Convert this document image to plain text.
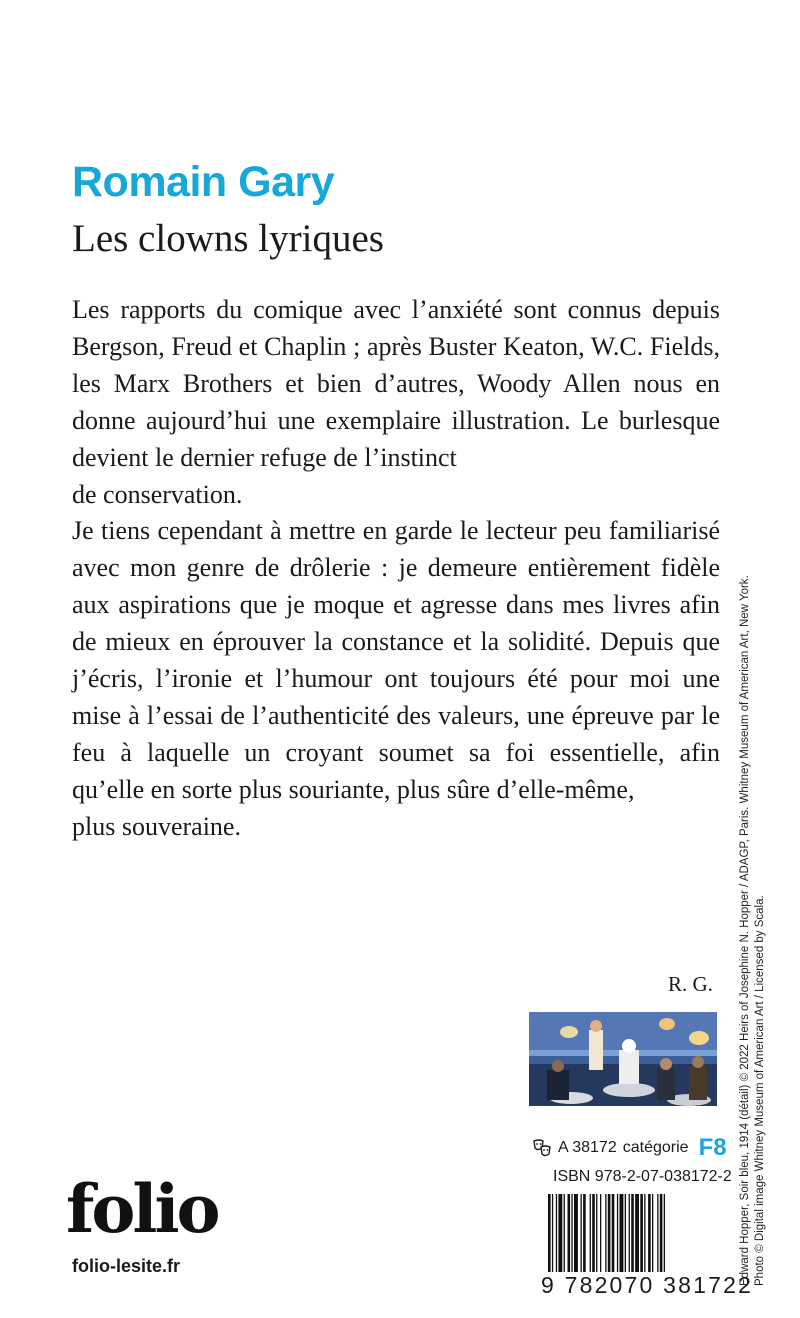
Romain Gary
Les clowns lyriques

Les rapports du comique avec l’anxiété sont connus depuis Bergson, Freud et Chaplin ; après Buster Keaton, W.C. Fields, les Marx Brothers et bien d’autres, Woody Allen nous en donne aujourd’hui une exemplaire illustration. Le burlesque devient le dernier refuge de l’instinct
de conservation.

Je tiens cependant à mettre en garde le lecteur peu familiarisé avec mon genre de drôlerie : je demeure entièrement fidèle aux aspirations que je moque et agresse dans mes livres afin de mieux en éprouver la constance et la solidité. Depuis que j’écris, l’ironie et l’humour ont toujours été pour moi une mise à l’essai de l’authenticité des valeurs, une épreuve par le feu à laquelle un croyant soumet sa foi essentielle, afin qu’elle en sorte plus souriante, plus sûre d’elle-même,
plus souveraine.

R. G.
A 38172 catégorie F8
ISBN 978-2-07-038172-2
9 782070 381722
folio
folio-lesite.fr	Edward Hopper, Soir bleu, 1914 (détail) © 2022 Heirs of Josephine N. Hopper / ADAGP, Paris. Whitney Museum of American Art, New York. Photo © Digital image Whitney Museum of American Art / Licensed by Scala.
